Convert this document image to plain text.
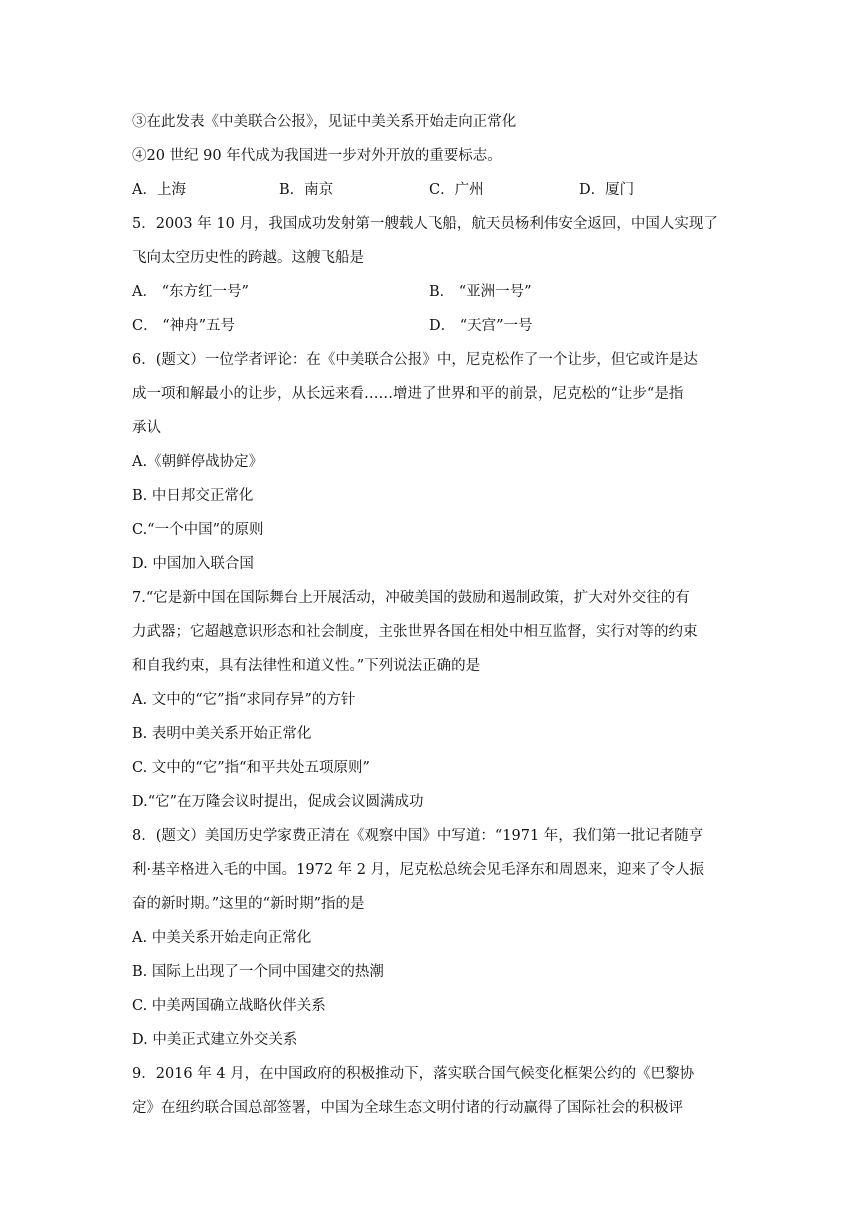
③在此发表《中美联合公报》，见证中美关系开始走向正常化
④20 世纪 90 年代成为我国进一步对外开放的重要标志。
A．上海	B．南京	C．广州	D．厦门
5．2003 年 10 月，我国成功发射第一艘载人飞船，航天员杨利伟安全返回，中国人实现了
飞向太空历史性的跨越。这艘飞船是
A． “东方红一号”	B． “亚洲一号”
C． “神舟”五号	D． “天宫”一号
6．(题文）一位学者评论：在《中美联合公报》中，尼克松作了一个让步，但它或许是达
成一项和解最小的让步，从长远来看……增进了世界和平的前景，尼克松的“让步“是指
承认
A.《朝鲜停战协定》
B. 中日邦交正常化
C.“一个中国”的原则
D. 中国加入联合国
7.“它是新中国在国际舞台上开展活动，冲破美国的鼓励和遏制政策，扩大对外交往的有
力武器；它超越意识形态和社会制度，主张世界各国在相处中相互监督，实行对等的约束
和自我约束，具有法律性和道义性。”下列说法正确的是
A. 文中的“它”指“求同存异”的方针
B. 表明中美关系开始正常化
C. 文中的“它”指“和平共处五项原则”
D.“它”在万隆会议时提出，促成会议圆满成功
8．(题文）美国历史学家费正清在《观察中国》中写道：“1971 年，我们第一批记者随亨
利·基辛格进入毛的中国。1972 年 2 月，尼克松总统会见毛泽东和周恩来，迎来了令人振
奋的新时期。”这里的“新时期”指的是
A. 中美关系开始走向正常化
B. 国际上出现了一个同中国建交的热潮
C. 中美两国确立战略伙伴关系
D. 中美正式建立外交关系
9．2016 年 4 月，在中国政府的积极推动下，落实联合国气候变化框架公约的《巴黎协
定》在纽约联合国总部签署，中国为全球生态文明付诸的行动赢得了国际社会的积极评
